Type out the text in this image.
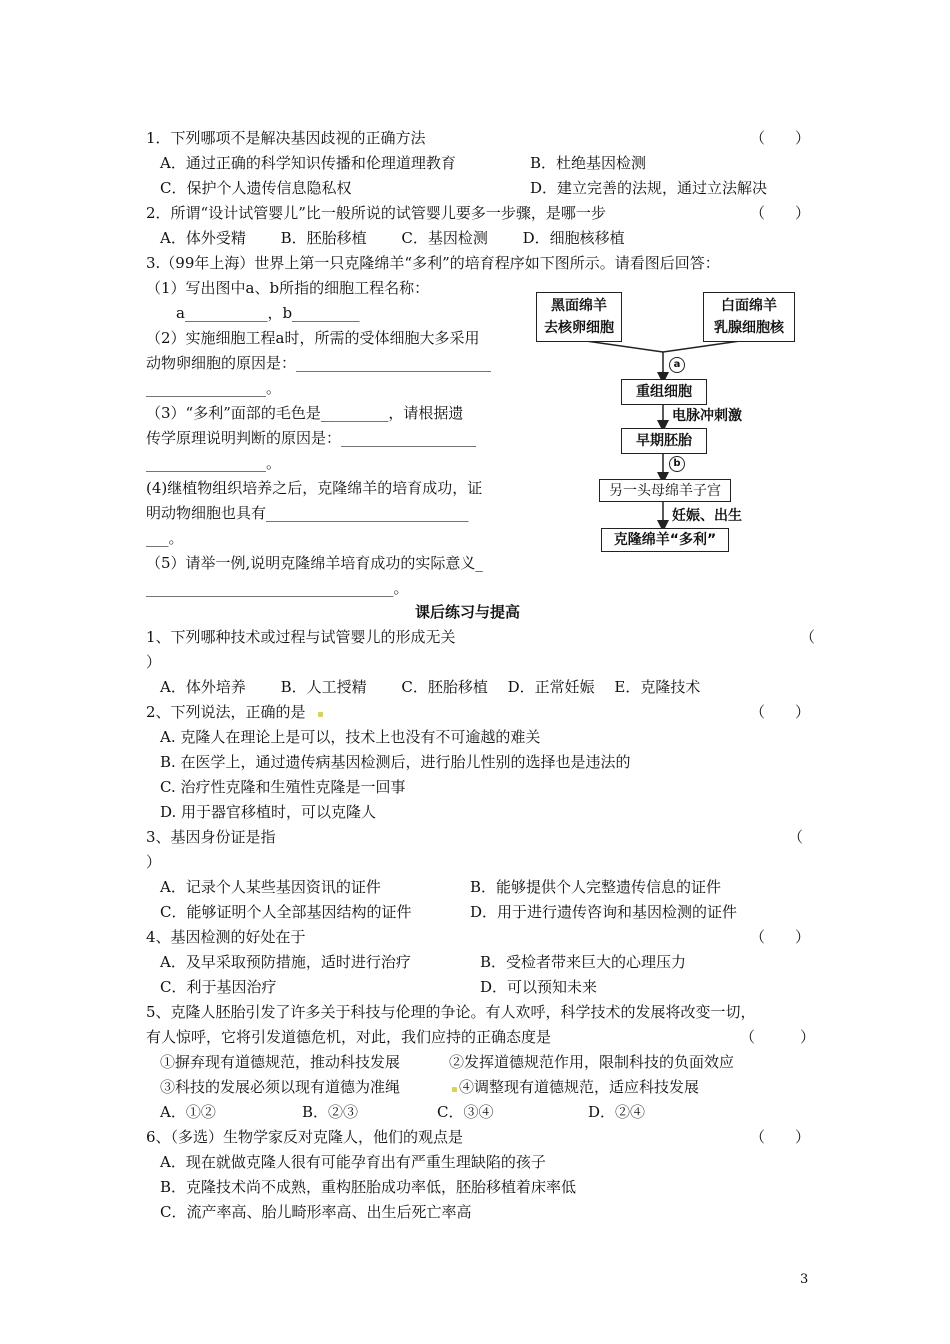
1．下列哪项不是解决基因歧视的正确方法	（　　）
A．通过正确的科学知识传播和伦理道理教育	B．杜绝基因检测
C．保护个人遗传信息隐私权	D．建立完善的法规，通过立法解决
2．所谓“设计试管婴儿”比一般所说的试管婴儿要多一步骤，是哪一步	（　　）
A．体外受精　　 B．胚胎移植　　 C．基因检测　　 D．细胞核移植
3.（99年上海）世界上第一只克隆绵羊“多利”的培育程序如下图所示。请看图后回答：
（1）写出图中a、b所指的细胞工程名称：
a___________，b_________
（2）实施细胞工程a时，所需的受体细胞大多采用
动物卵细胞的原因是：__________________________
________________。
（3）“多利”面部的毛色是_________，请根据遗
传学原理说明判断的原因是：__________________
________________。
(4)继植物组织培养之后，克隆绵羊的培育成功，证
明动物细胞也具有___________________________
___。
（5）请举一例,说明克隆绵羊培育成功的实际意义_
_________________________________。
黑面绵羊
去核卵细胞
白面绵羊
乳腺细胞核
a
重组细胞
电脉冲刺激
早期胚胎
b
另一头母绵羊子宫
妊娠、出生
克隆绵羊“多利”
课后练习与提高
1、下列哪种技术或过程与试管婴儿的形成无关	（
）
A．体外培养　　 B．人工授精　　 C．胚胎移植　 D．正常妊娠　 E．克隆技术
2、下列说法，正确的是	（　　）
A. 克隆人在理论上是可以，技术上也没有不可逾越的难关
B. 在医学上，通过遗传病基因检测后，进行胎儿性别的选择也是违法的
C. 治疗性克隆和生殖性克隆是一回事
D. 用于器官移植时，可以克隆人
3、基因身份证是指	（
）
A．记录个人某些基因资讯的证件	B．能够提供个人完整遗传信息的证件
C．能够证明个人全部基因结构的证件	D．用于进行遗传咨询和基因检测的证件
4、基因检测的好处在于	（　　）
A．及早采取预防措施，适时进行治疗	B．受检者带来巨大的心理压力
C．利于基因治疗	D．可以预知未来
5、克隆人胚胎引发了许多关于科技与伦理的争论。有人欢呼，科学技术的发展将改变一切，
有人惊呼，它将引发道德危机，对此，我们应持的正确态度是	（　　　）
①摒弃现有道德规范，推动科技发展	②发挥道德规范作用，限制科技的负面效应
③科技的发展必须以现有道德为准绳	④调整现有道德规范，适应科技发展
A．①②	B．②③	C．③④	D．②④
6、（多选）生物学家反对克隆人，他们的观点是	（　　）
A．现在就做克隆人很有可能孕育出有严重生理缺陷的孩子
B．克隆技术尚不成熟，重构胚胎成功率低，胚胎移植着床率低
C．流产率高、胎儿畸形率高、出生后死亡率高
3
